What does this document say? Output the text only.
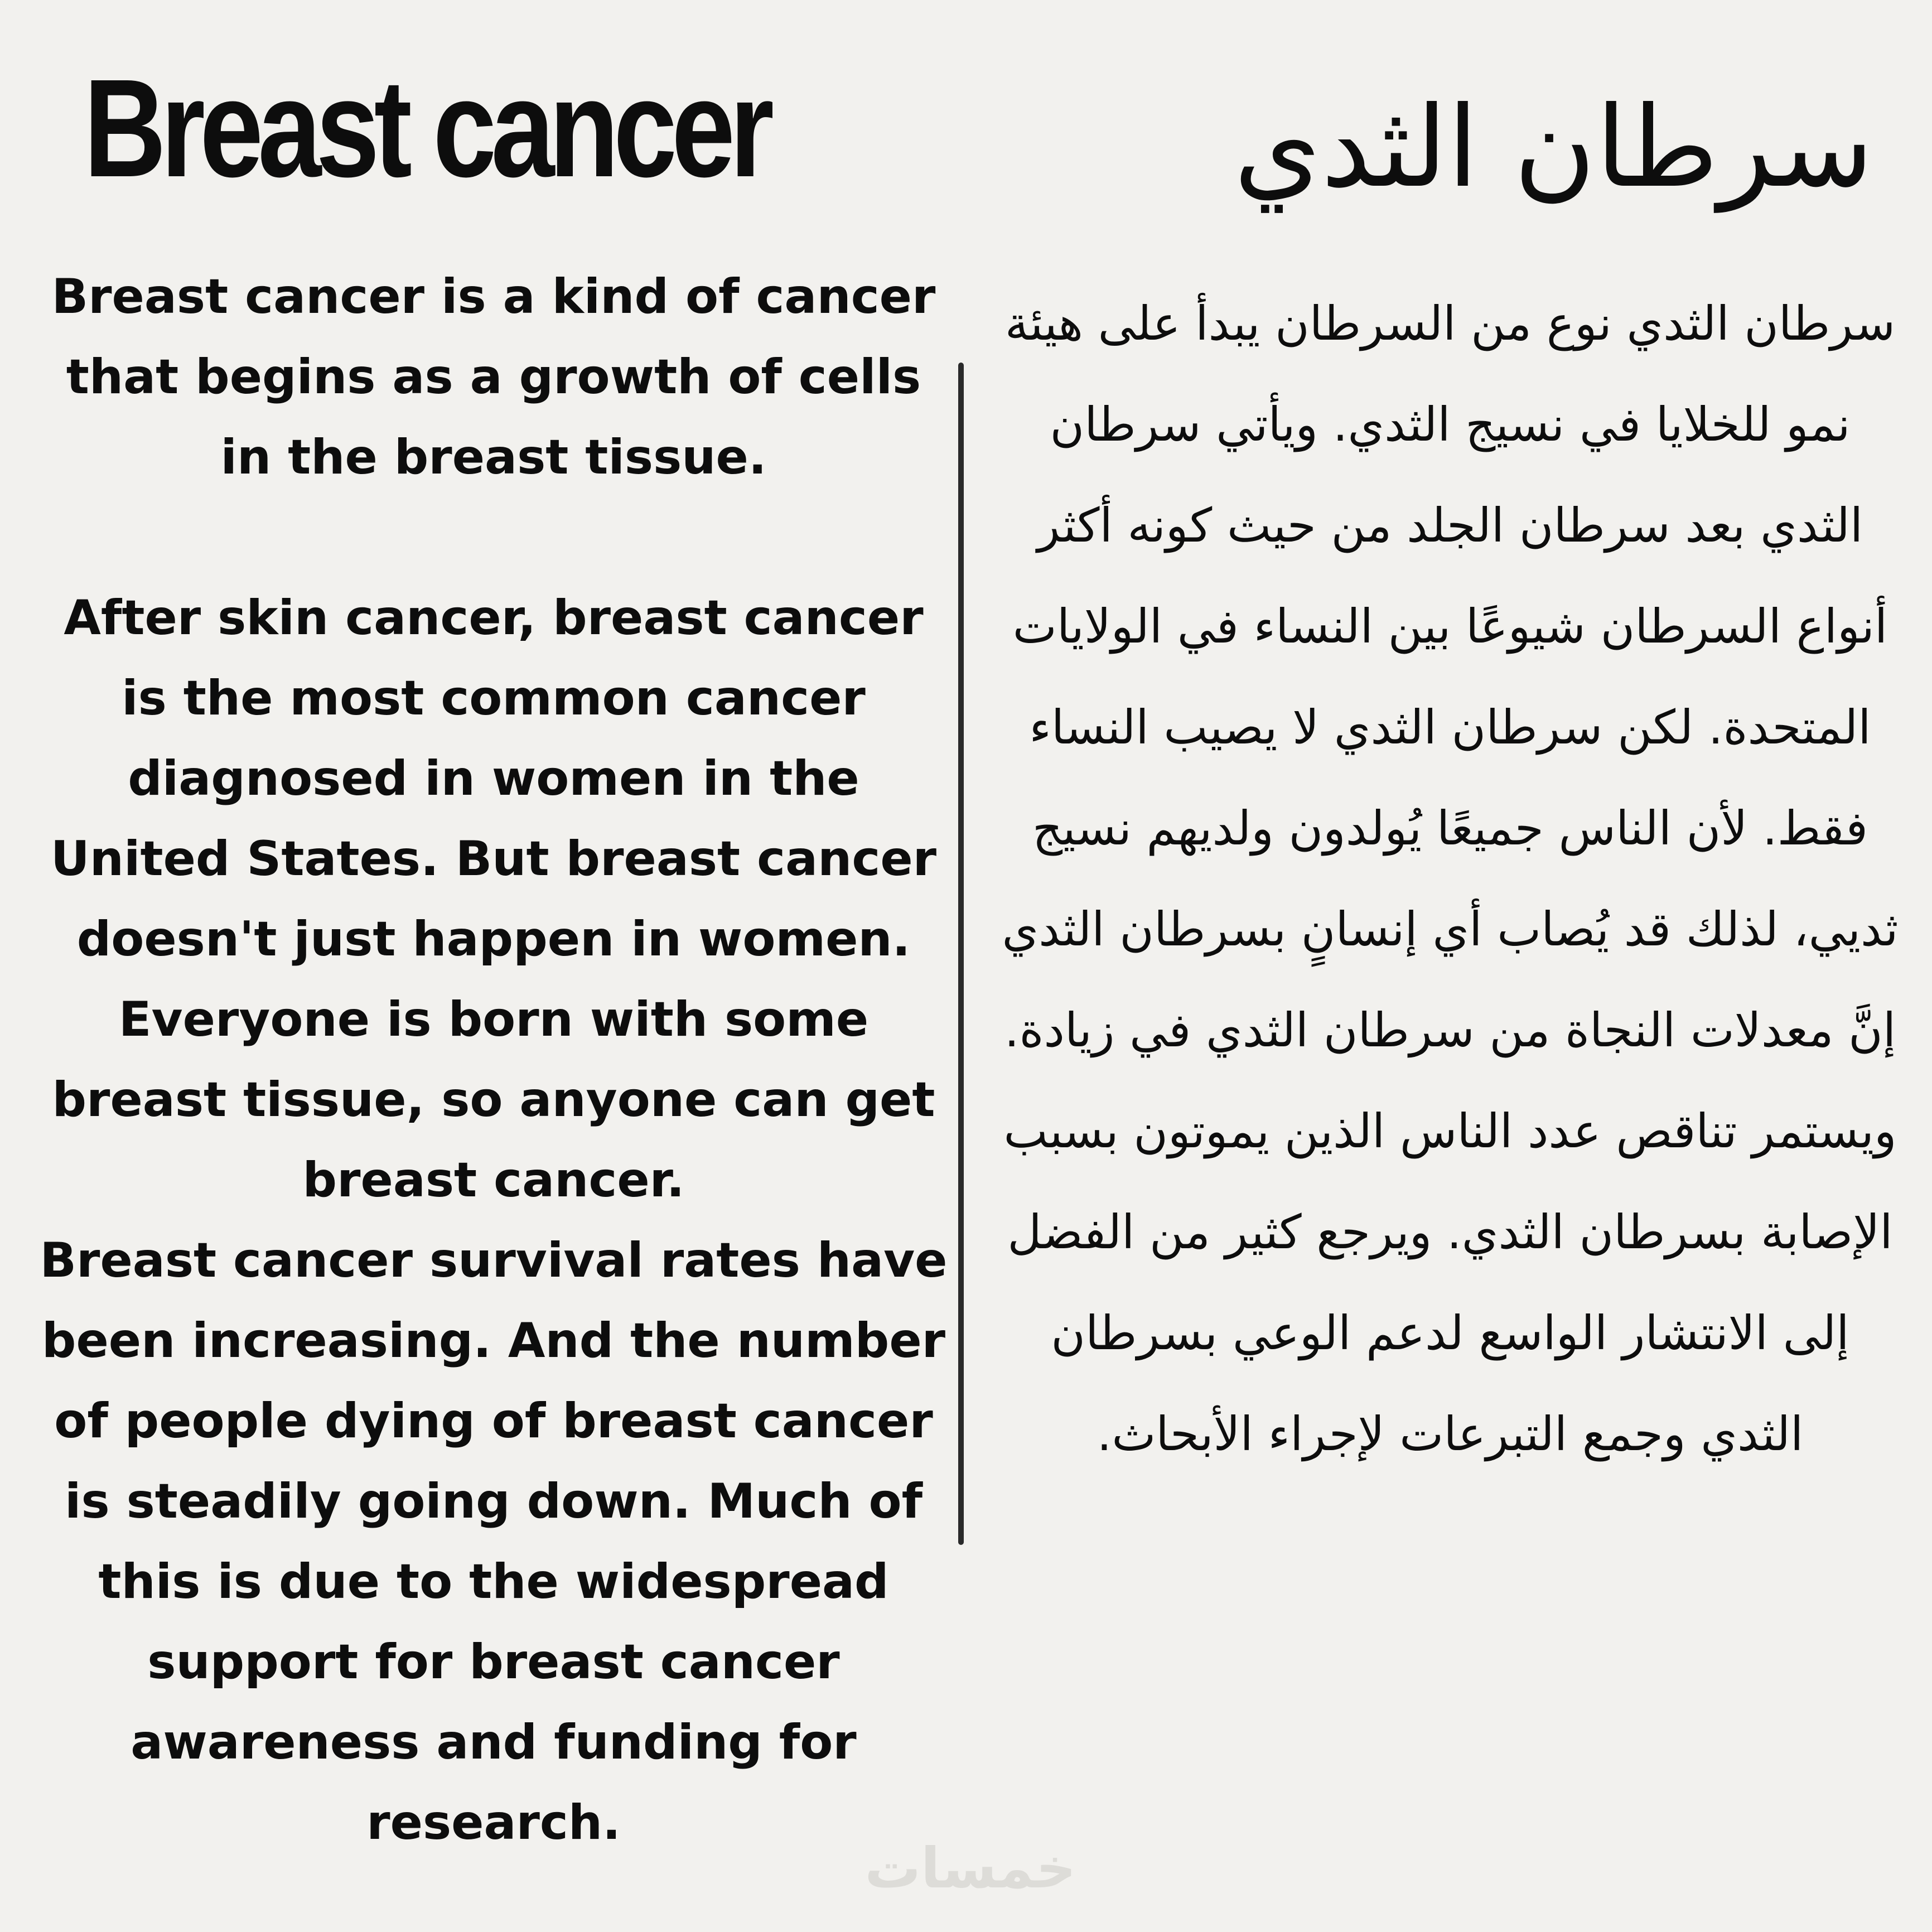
Breast cancer	سرطان الثدي

Breast cancer is a kind of cancer that begins as a growth of cells in the breast tissue.

After skin cancer, breast cancer is the most common cancer diagnosed in women in the United States. But breast cancer doesn't just happen in women. Everyone is born with some breast tissue, so anyone can get breast cancer.

Breast cancer survival rates have been increasing. And the number of people dying of breast cancer is steadily going down. Much of this is due to the widespread support for breast cancer awareness and funding for research.

سرطان الثدي نوع من السرطان يبدأ على هيئة نمو للخلايا في نسيج الثدي. ويأتي سرطان الثدي بعد سرطان الجلد من حيث كونه أكثر أنواع السرطان شيوعًا بين النساء في الولايات المتحدة. لكن سرطان الثدي لا يصيب النساء فقط. لأن الناس جميعًا يُولدون ولديهم نسيج ثديي، لذلك قد يُصاب أي إنسانٍ بسرطان الثدي

إنَّ معدلات النجاة من سرطان الثدي في زيادة. ويستمر تناقص عدد الناس الذين يموتون بسبب الإصابة بسرطان الثدي. ويرجع كثير من الفضل إلى الانتشار الواسع لدعم الوعي بسرطان الثدي وجمع التبرعات لإجراء الأبحاث.

خمسات
